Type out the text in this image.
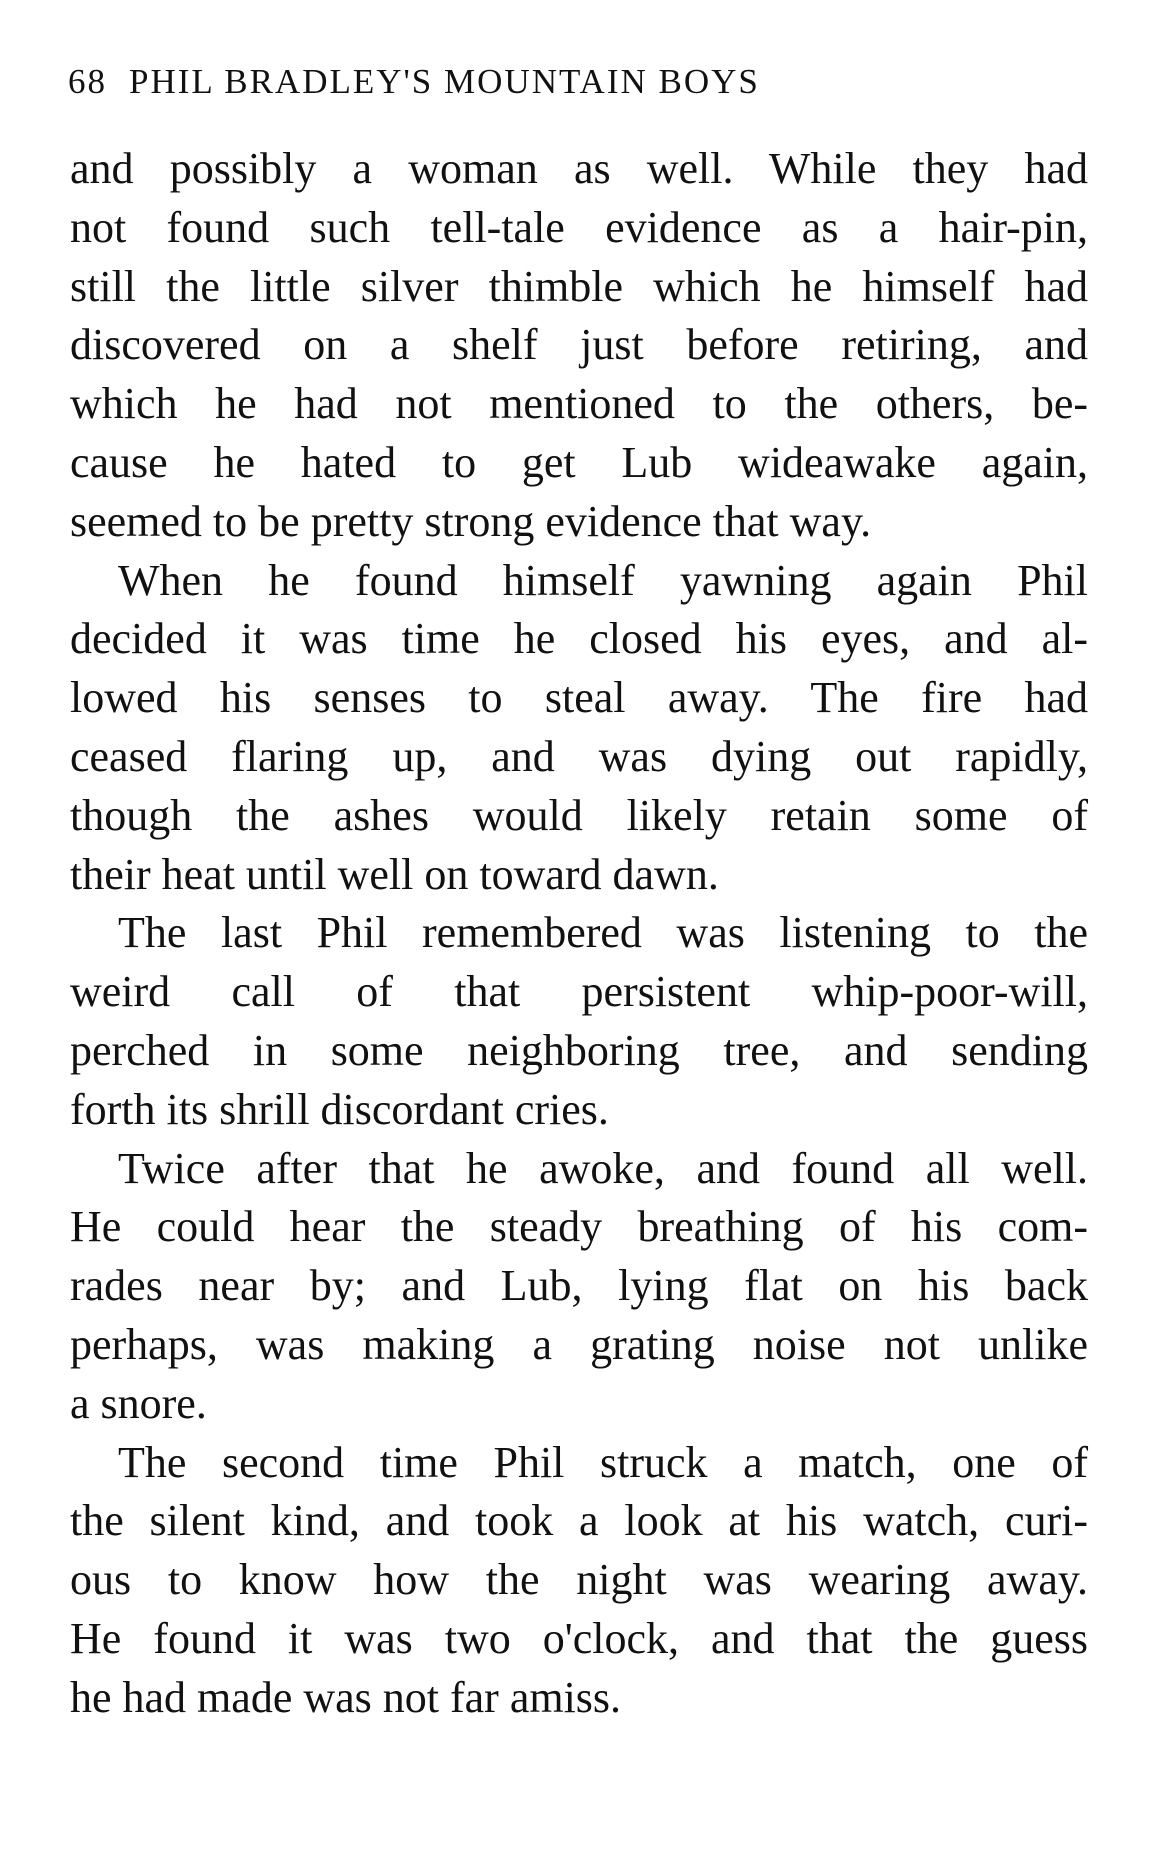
68 PHIL BRADLEY'S MOUNTAIN BOYS
and possibly a woman as well. While they had
not found such tell-tale evidence as a hair-pin,
still the little silver thimble which he himself had
discovered on a shelf just before retiring, and
which he had not mentioned to the others, be-
cause he hated to get Lub wideawake again,
seemed to be pretty strong evidence that way.
When he found himself yawning again Phil
decided it was time he closed his eyes, and al-
lowed his senses to steal away. The fire had
ceased flaring up, and was dying out rapidly,
though the ashes would likely retain some of
their heat until well on toward dawn.
The last Phil remembered was listening to the
weird call of that persistent whip-poor-will,
perched in some neighboring tree, and sending
forth its shrill discordant cries.
Twice after that he awoke, and found all well.
He could hear the steady breathing of his com-
rades near by; and Lub, lying flat on his back
perhaps, was making a grating noise not unlike
a snore.
The second time Phil struck a match, one of
the silent kind, and took a look at his watch, curi-
ous to know how the night was wearing away.
He found it was two o'clock, and that the guess
he had made was not far amiss.
